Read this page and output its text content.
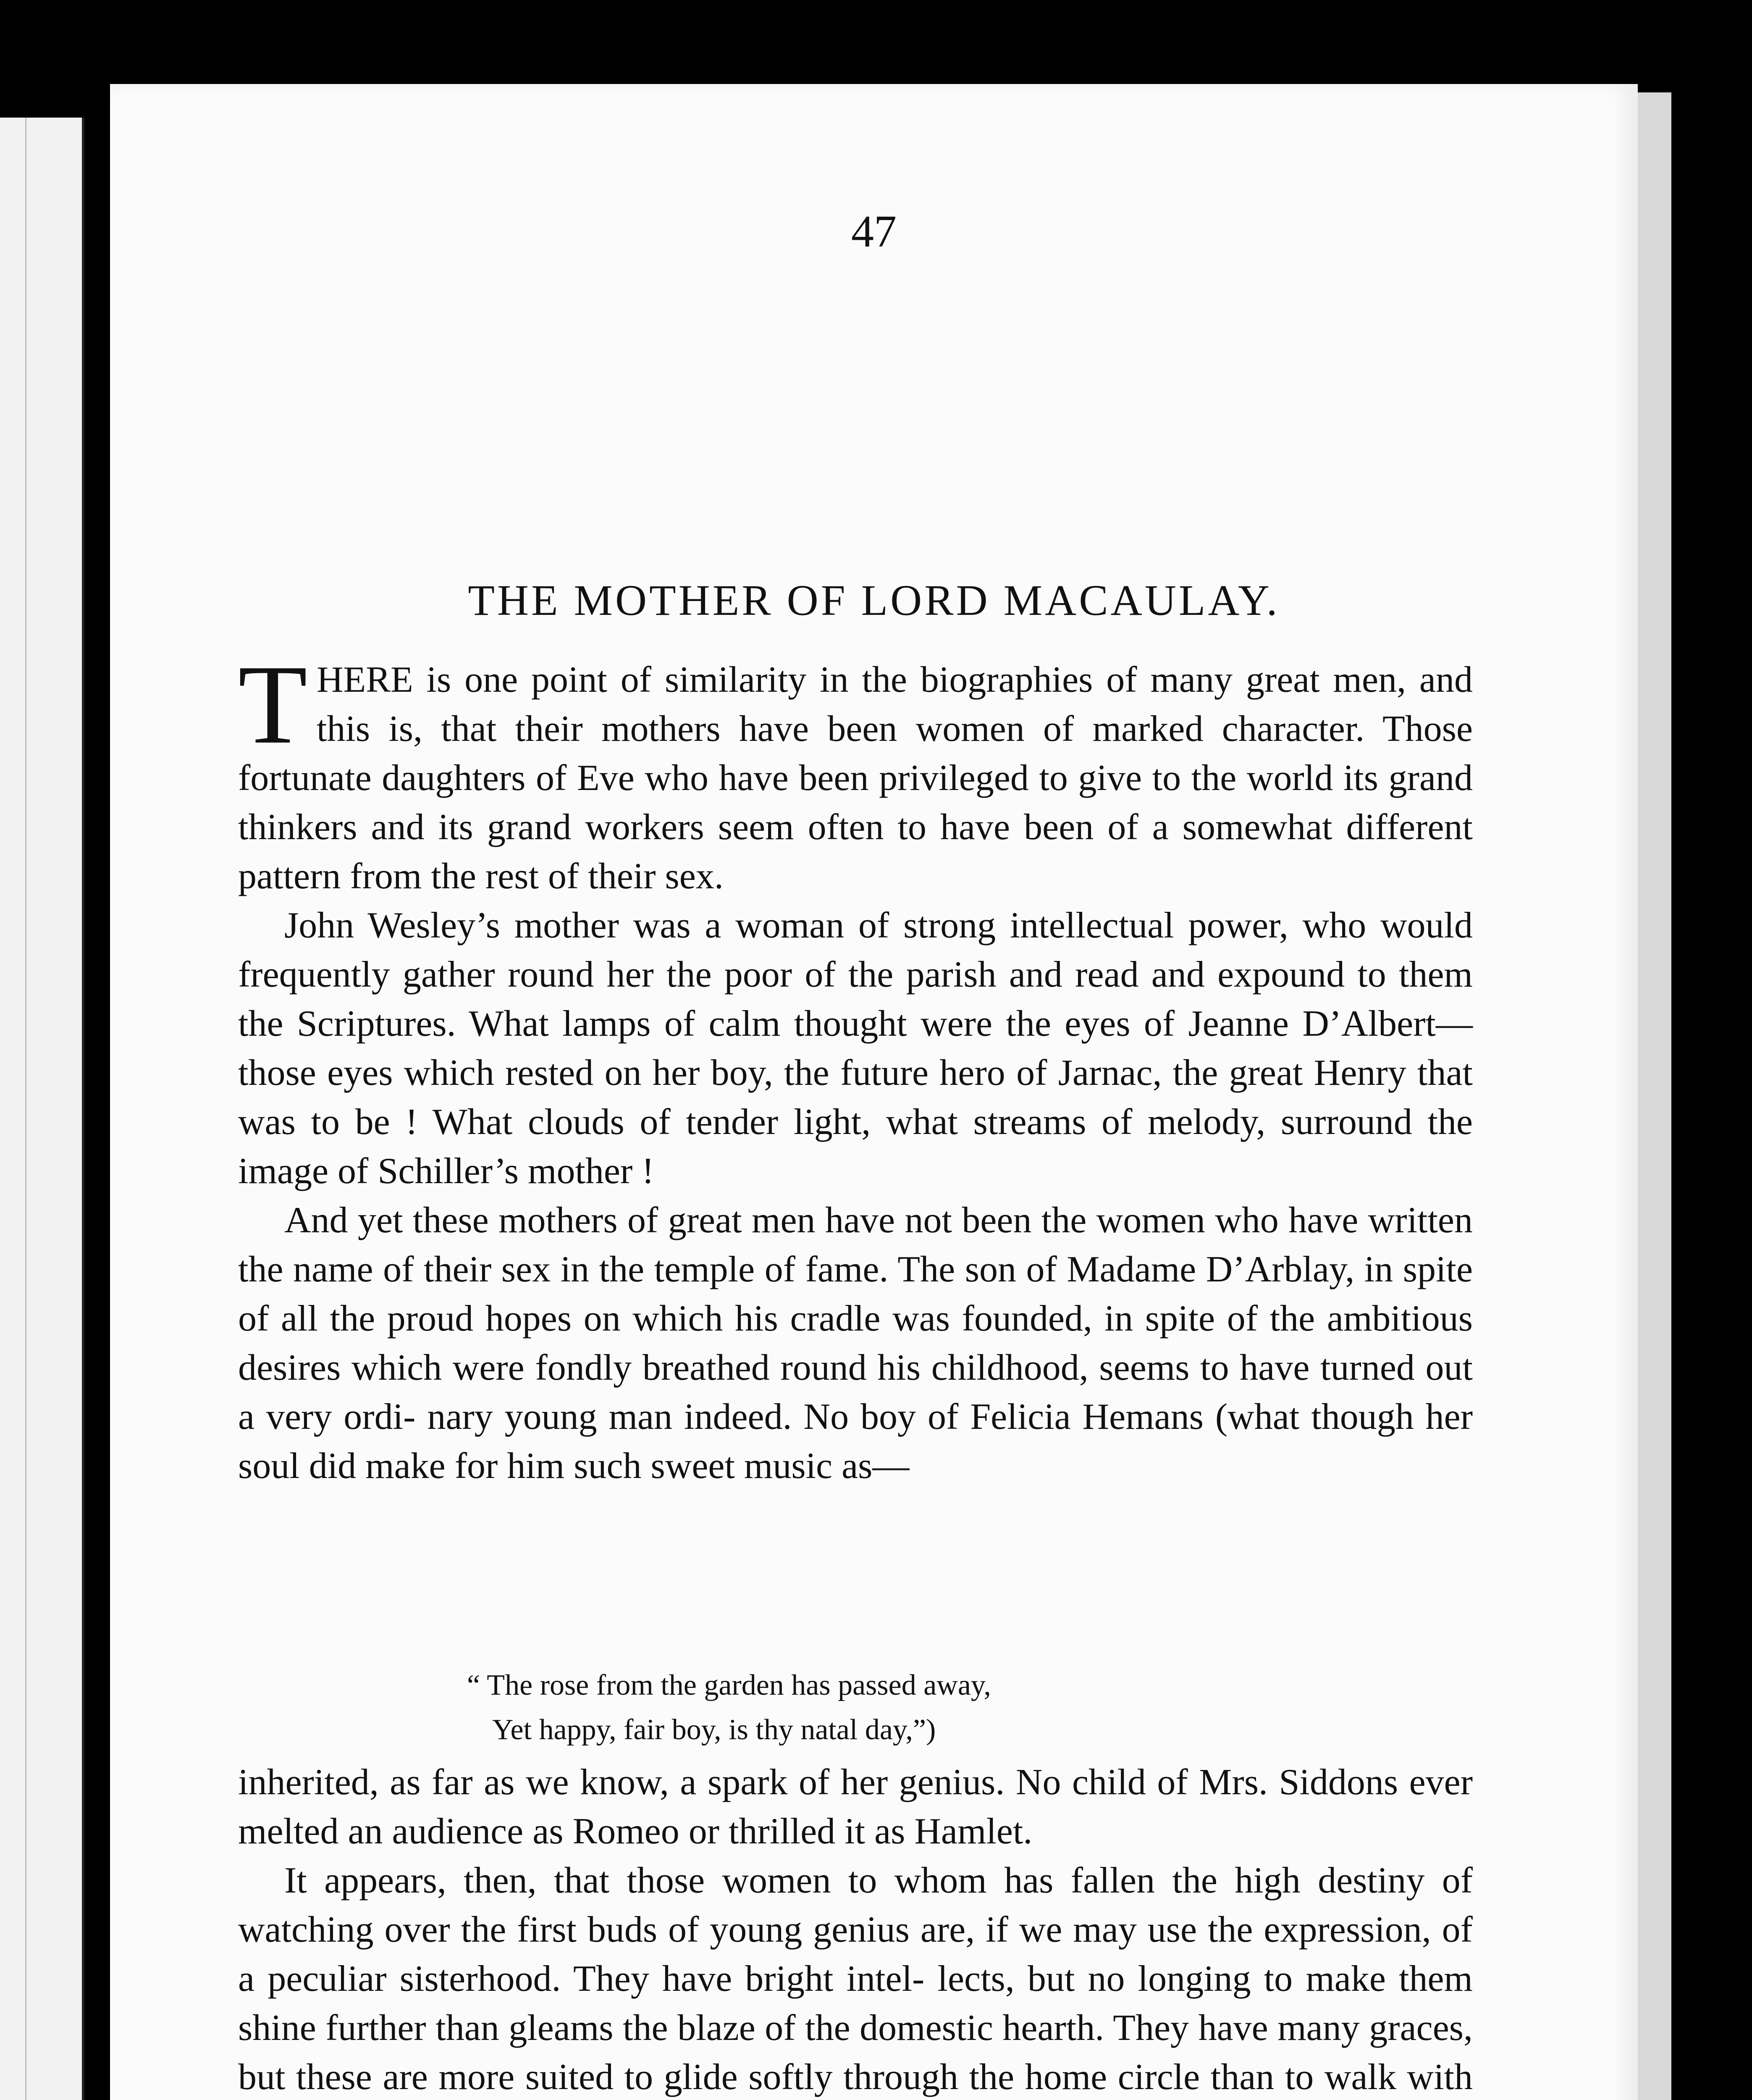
47
THE MOTHER OF LORD MACAULAY.

THERE is one point of similarity in the biographies of many great men, and this is, that their mothers have been women of marked character. Those fortunate daughters of Eve who have been privileged to give to the world its grand thinkers and its grand workers seem often to have been of a somewhat different pattern from the rest of their sex.

John Wesley’s mother was a woman of strong intellectual power, who would frequently gather round her the poor of the parish and read and expound to them the Scriptures. What lamps of calm thought were the eyes of Jeanne D’Albert—those eyes which rested on her boy, the future hero of Jarnac, the great Henry that was to be ! What clouds of tender light, what streams of melody, surround the image of Schiller’s mother !

And yet these mothers of great men have not been the women who have written the name of their sex in the temple of fame. The son of Madame D’Arblay, in spite of all the proud hopes on which his cradle was founded, in spite of the ambitious desires which were fondly breathed round his childhood, seems to have turned out a very ordi- nary young man indeed. No boy of Felicia Hemans (what though her soul did make for him such sweet music as—

“ The rose from the garden has passed away,
Yet happy, fair boy, is thy natal day,”)

inherited, as far as we know, a spark of her genius. No child of Mrs. Siddons ever melted an audience as Romeo or thrilled it as Hamlet.

It appears, then, that those women to whom has fallen the high destiny of watching over the first buds of young genius are, if we may use the expression, of a peculiar sisterhood. They have bright intel- lects, but no longing to make them shine further than gleams the blaze of the domestic hearth. They have many graces, but these are more suited to glide softly through the home circle than to walk with
